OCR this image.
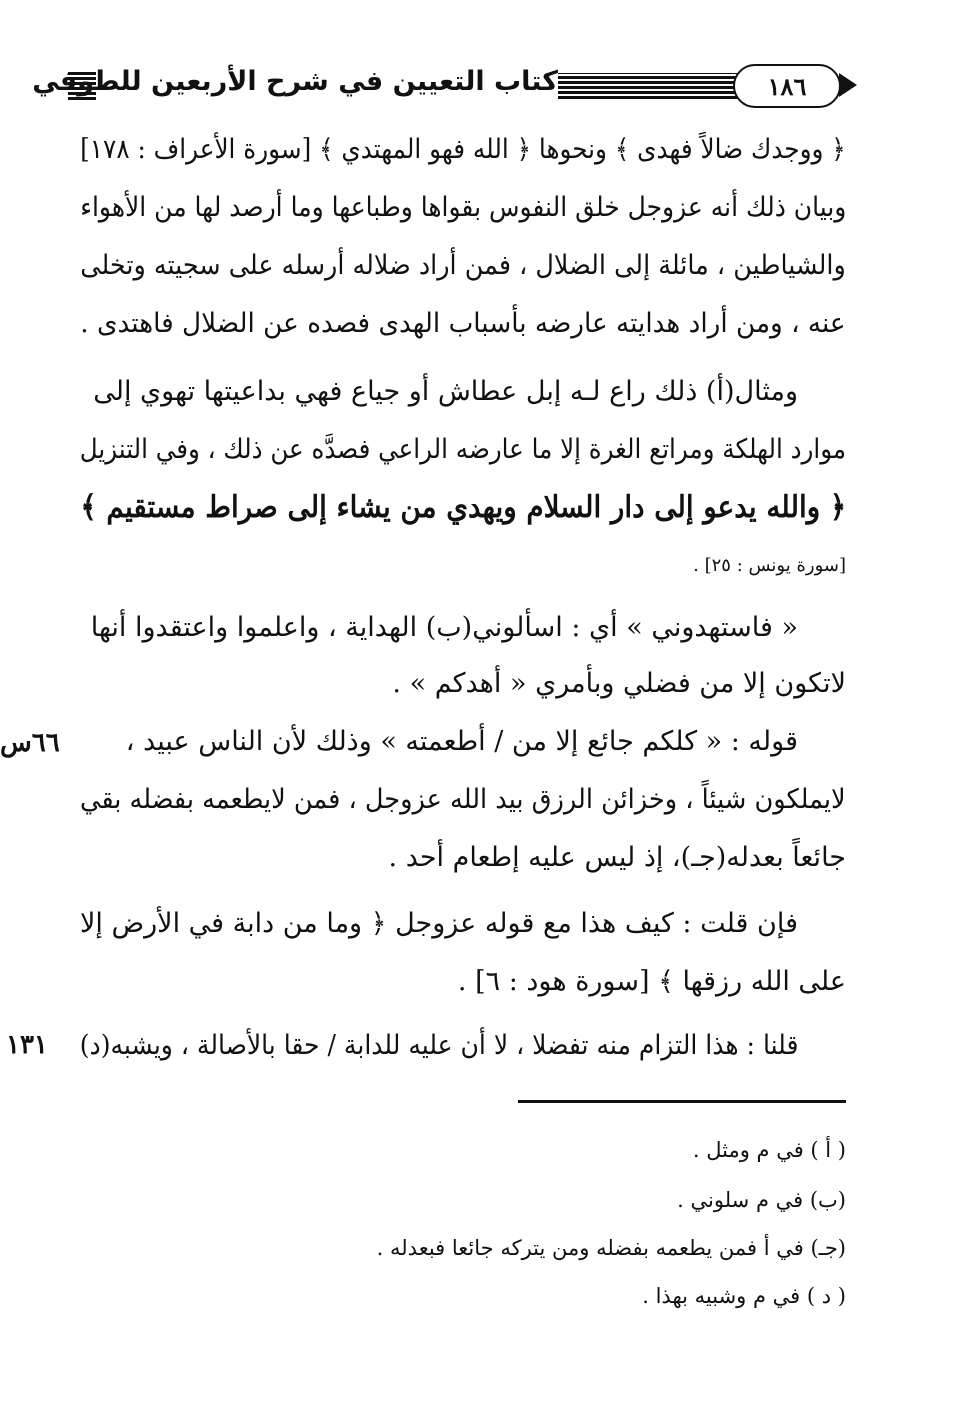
كتاب التعيين في شرح الأربعين للطوفي	١٨٦
﴿ ووجدك ضالاً فهدى ﴾ ونحوها ﴿ الله فهو المهتدي ﴾ [سورة الأعراف : ١٧٨]
وبيان ذلك أنه عزوجل خلق النفوس بقواها وطباعها وما أرصد لها من الأهواء
والشياطين ، مائلة إلى الضلال ، فمن أراد ضلاله أرسله على سجيته وتخلى
عنه ، ومن أراد هدايته عارضه بأسباب الهدى فصده عن الضلال فاهتدى .
ومثال(أ) ذلك راع لـه إبل عطاش أو جياع فهي بداعيتها تهوي إلى
موارد الهلكة ومراتع الغرة إلا ما عارضه الراعي فصدَّه عن ذلك ، وفي التنزيل
﴿ والله يدعو إلى دار السلام ويهدي من يشاء إلى صراط مستقيم ﴾
[سورة يونس : ٢٥] .
« فاستهدوني » أي : اسألوني(ب) الهداية ، واعلموا واعتقدوا أنها
لاتكون إلا من فضلي وبأمري « أهدكم » .
قوله : « كلكم جائع إلا من / أطعمته » وذلك لأن الناس عبيد ،
لايملكون شيئاً ، وخزائن الرزق بيد الله عزوجل ، فمن لايطعمه بفضله بقي
جائعاً بعدله(جـ)، إذ ليس عليه إطعام أحد .
فإن قلت : كيف هذا مع قوله عزوجل ﴿ وما من دابة في الأرض إلا
على الله رزقها ﴾ [سورة هود : ٦] .
قلنا : هذا التزام منه تفضلا ، لا أن عليه للدابة / حقا بالأصالة ، ويشبه(د)
٦٦س
١٣١
( أ ) في م ومثل .
(ب) في م سلوني .
(جـ) في أ فمن يطعمه بفضله ومن يتركه جائعا فبعدله .
( د ) في م وشبيه بهذا .
